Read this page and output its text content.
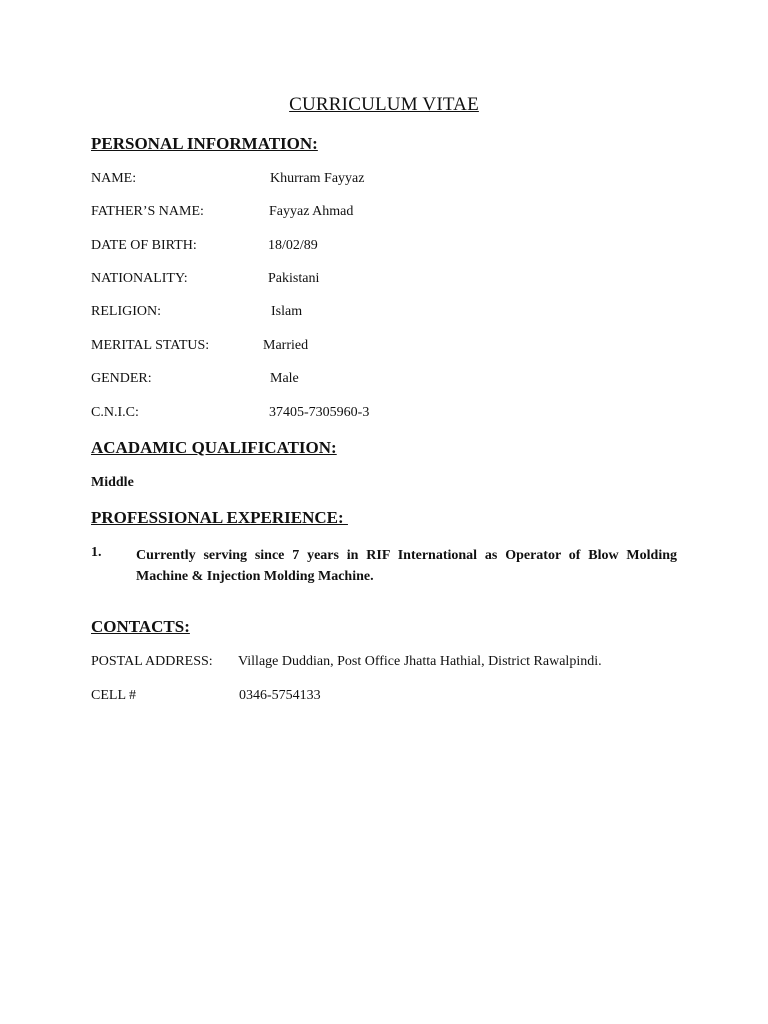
CURRICULUM VITAE
PERSONAL INFORMATION:
NAME:	Khurram Fayyaz
FATHER’S NAME:	Fayyaz Ahmad
DATE OF BIRTH:	18/02/89
NATIONALITY:	Pakistani
RELIGION:	Islam
MERITAL STATUS:	Married
GENDER:	Male
C.N.I.C:	37405-7305960-3
ACADAMIC QUALIFICATION:
Middle
PROFESSIONAL EXPERIENCE:
1. Currently serving since 7 years in RIF International as Operator of Blow Molding Machine & Injection Molding Machine.
CONTACTS:
POSTAL ADDRESS: Village Duddian, Post Office Jhatta Hathial, District Rawalpindi.
CELL #	0346-5754133
